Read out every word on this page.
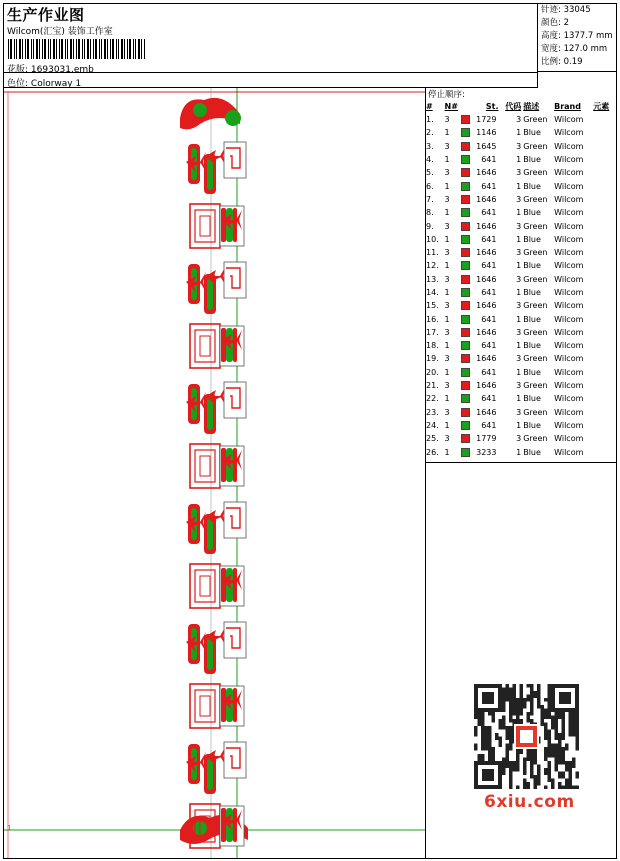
生产作业图
Wilcom(汇宝) 装饰工作室
花版: 1693031.emb
色位: Colorway 1
针迹: 33045
颜色: 2
高度: 1377.7 mm
宽度: 127.0 mm
比例: 0.19
1
停止顺序:
#	N#		St.	代码	描述	Brand	元素
1.	3		1729	3	Green	Wilcom	
2.	1		1146	1	Blue	Wilcom	
3.	3		1645	3	Green	Wilcom	
4.	1		641	1	Blue	Wilcom	
5.	3		1646	3	Green	Wilcom	
6.	1		641	1	Blue	Wilcom	
7.	3		1646	3	Green	Wilcom	
8.	1		641	1	Blue	Wilcom	
9.	3		1646	3	Green	Wilcom	
10.	1		641	1	Blue	Wilcom	
11.	3		1646	3	Green	Wilcom	
12.	1		641	1	Blue	Wilcom	
13.	3		1646	3	Green	Wilcom	
14.	1		641	1	Blue	Wilcom	
15.	3		1646	3	Green	Wilcom	
16.	1		641	1	Blue	Wilcom	
17.	3		1646	3	Green	Wilcom	
18.	1		641	1	Blue	Wilcom	
19.	3		1646	3	Green	Wilcom	
20.	1		641	1	Blue	Wilcom	
21.	3		1646	3	Green	Wilcom	
22.	1		641	1	Blue	Wilcom	
23.	3		1646	3	Green	Wilcom	
24.	1		641	1	Blue	Wilcom	
25.	3		1779	3	Green	Wilcom	
26.	1		3233	1	Blue	Wilcom	
6xiu.com
